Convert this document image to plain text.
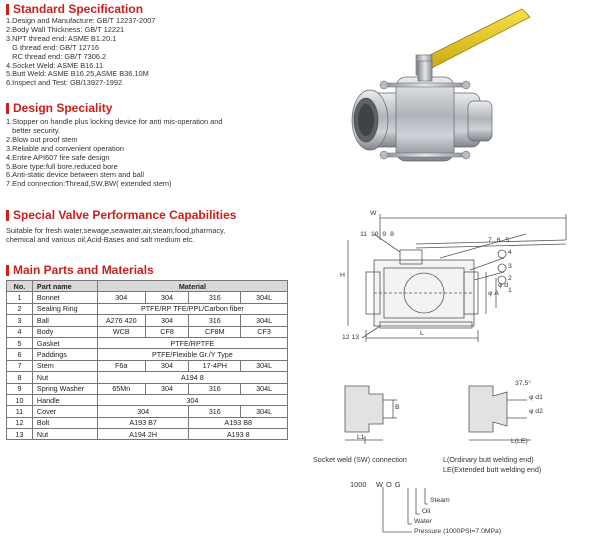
Standard Specification
1.Design and Manufacture: GB/T 12237-2007
2.Body Wall Thickness: GB/T 12221
3.NPT thread end: ASME B1.20.1
G thread end: GB/T 12716
RC thread end: GB/T 7306.2
4.Socket Weld: ASME B16.11
5.Butt Weld: ASME B16.25,ASME B36.10M
6.Inspect and Test: GB/13927-1992
Design Speciality
1.Stopper on handle plus locking device for anti mis-operation and
better security.
2.Blow out proof stem
3.Reliable and convenient operation
4.Entire API607 fire safe design
5.Bore type:full bore,reduced bore
6.Anti-static device between stem and ball
7.End connection:Thread,SW,BW( extended stem)
Special Valve Performance Capabilities
Suitable for fresh water,sewage,seawater,air,steam,food,pharmacy,
chemical and various oil,Acid-Bases and salt medium etc.
Main Parts and Materials
No.	Part name	Material			
1	Bonnet	304	304	316	304L
2	Sealing Ring	PTFE/RP TFE/PPL/Carbon fiber			
3	Ball	A276 420	304	316	304L
4	Body	WCB	CF8	CF8M	CF3
5	Gasket	PTFE/RPTFE			
6	Paddings	PTFE/Flexible Gr./Y Type			
7	Stem	F6a	304	17-4PH	304L
8	Nut	A194 8			
9	Spring Washer	65Mn	304	316	304L
10	Handle	304			
11	Cover	304		316	304L
12	Bolt	A193 B7		A193 B8	
13	Nut	A194 2H		A193 8	
W
H
L
φ A
φ d
11 10 9 8
7 6 5
4
3
2
1
12 13
B
L1
37.5°
φ d1
φ d2
L(LE)
Socket weld (SW) connection	L(Ordinary butt welding end)
LE(Extended butt welding end)
1000 W O G
Steam
Oil
Water
Pressure (1000PSI=7.0MPa)
